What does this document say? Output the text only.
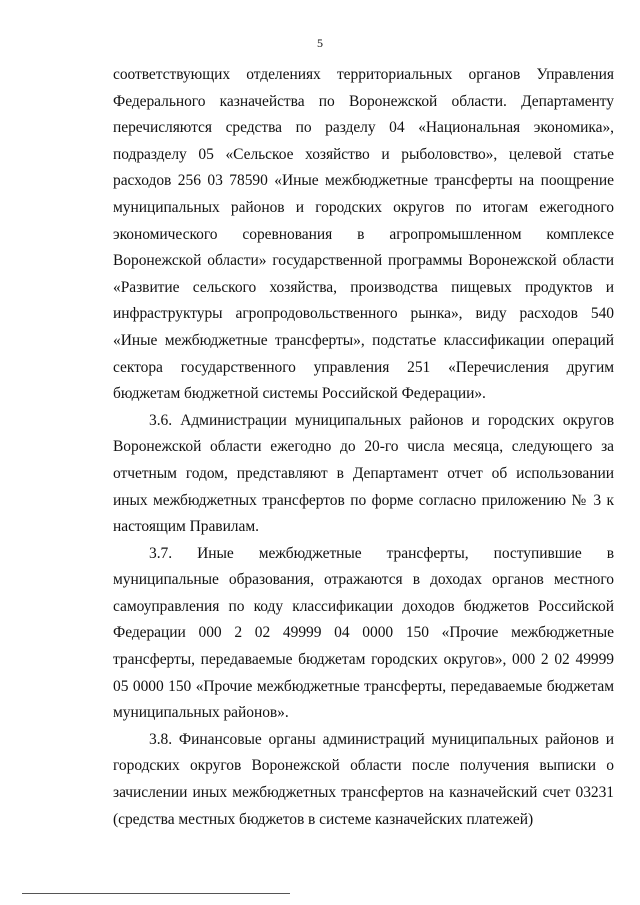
5

соответствующих отделениях территориальных органов Управления Федерального казначейства по Воронежской области. Департаменту перечисляются средства по разделу 04 «Национальная экономика», подразделу 05 «Сельское хозяйство и рыболовство», целевой статье расходов 256 03 78590 «Иные межбюджетные трансферты на поощрение муниципальных районов и городских округов по итогам ежегодного экономического соревнования в агропромышленном комплексе Воронежской области» государственной программы Воронежской области «Развитие сельского хозяйства, производства пищевых продуктов и инфраструктуры агропродовольственного рынка», виду расходов 540 «Иные межбюджетные трансферты», подстатье классификации операций сектора государственного управления 251 «Перечисления другим бюджетам бюджетной системы Российской Федерации».

3.6. Администрации муниципальных районов и городских округов Воронежской области ежегодно до 20-го числа месяца, следующего за отчетным годом, представляют в Департамент отчет об использовании иных межбюджетных трансфертов по форме согласно приложению № 3 к настоящим Правилам.

3.7. Иные межбюджетные трансферты, поступившие в муниципальные образования, отражаются в доходах органов местного самоуправления по коду классификации доходов бюджетов Российской Федерации 000 2 02 49999 04 0000 150 «Прочие межбюджетные трансферты, передаваемые бюджетам городских округов», 000 2 02 49999 05 0000 150 «Прочие межбюджетные трансферты, передаваемые бюджетам муниципальных районов».

3.8. Финансовые органы администраций муниципальных районов и городских округов Воронежской области после получения выписки о зачислении иных межбюджетных трансфертов на казначейский счет 03231 (средства местных бюджетов в системе казначейских платежей)
